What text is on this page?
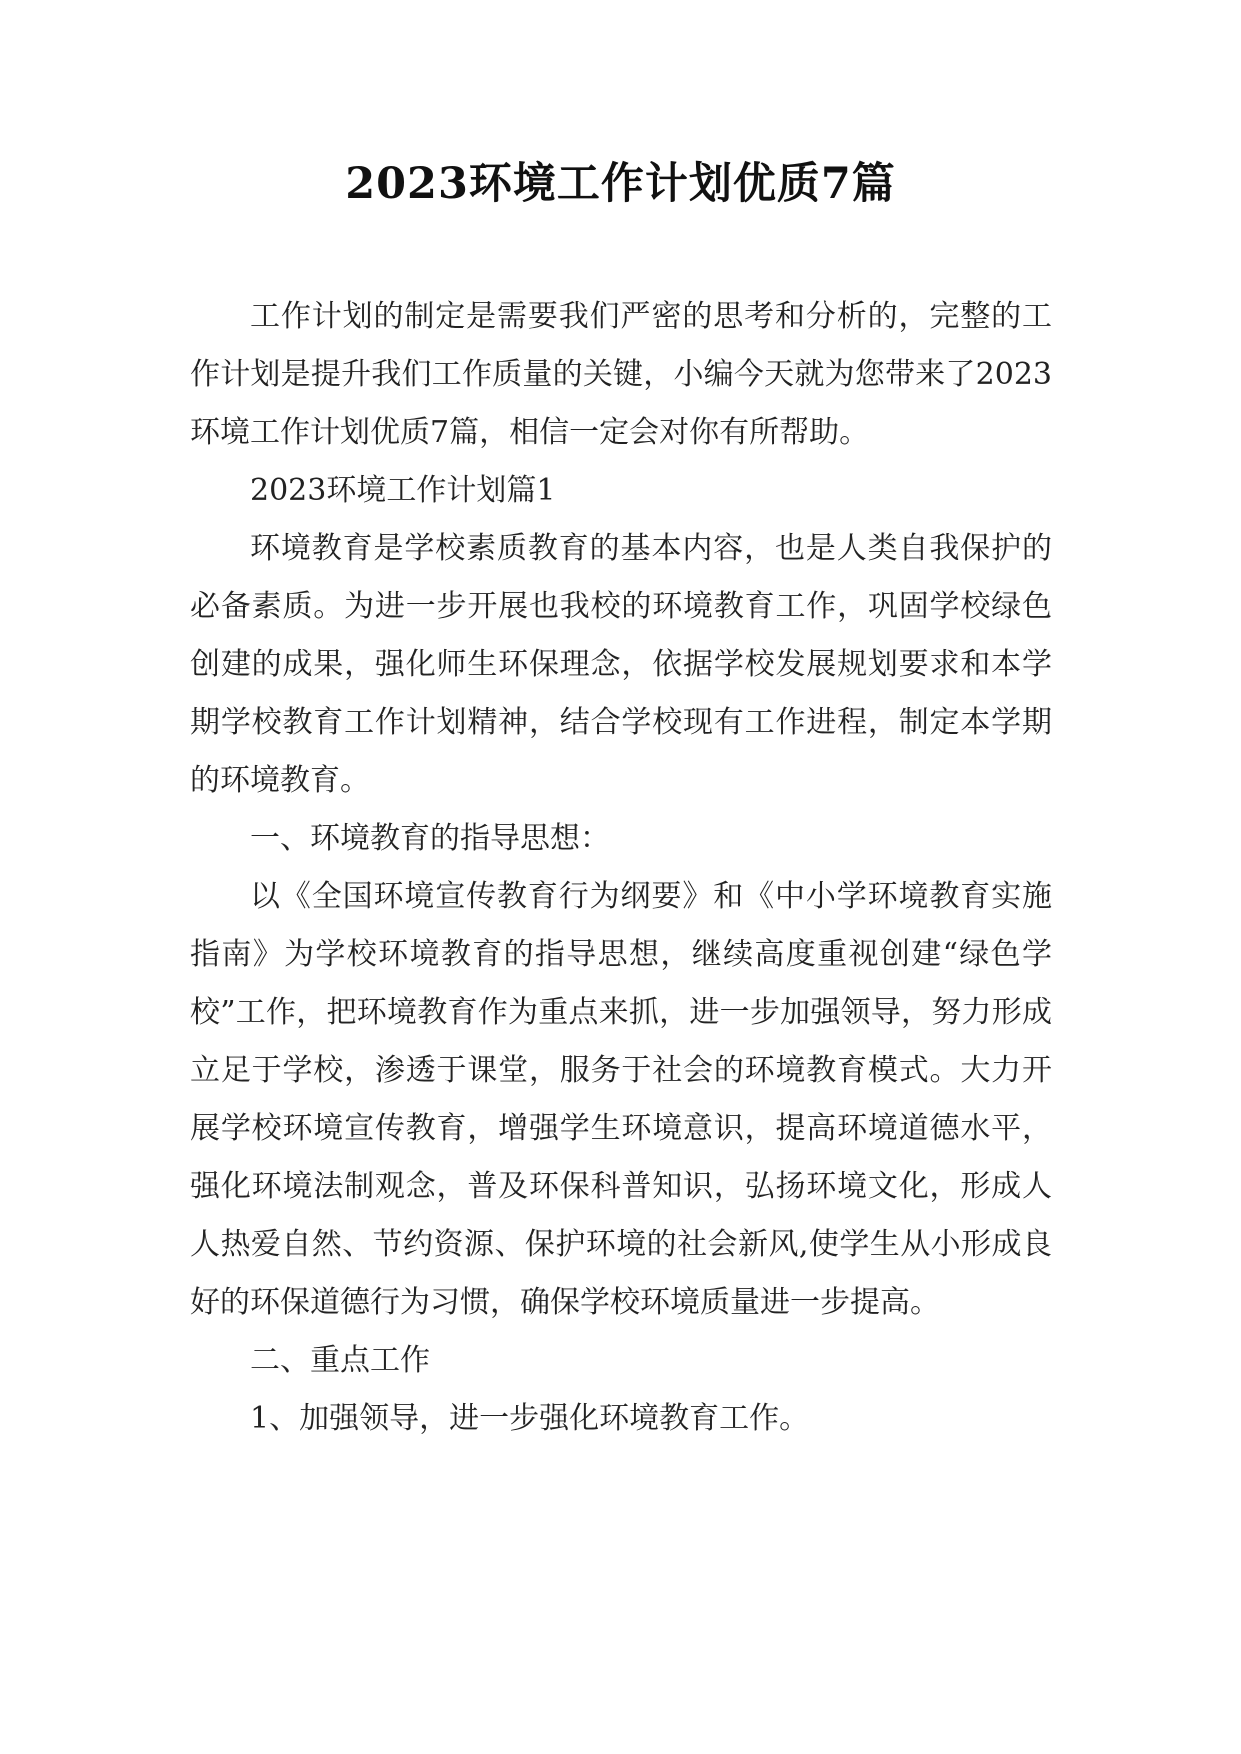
2023环境工作计划优质7篇

工作计划的制定是需要我们严密的思考和分析的，完整的工作计划是提升我们工作质量的关键，小编今天就为您带来了2023环境工作计划优质7篇，相信一定会对你有所帮助。

2023环境工作计划篇1

环境教育是学校素质教育的基本内容，也是人类自我保护的必备素质。为进一步开展也我校的环境教育工作，巩固学校绿色创建的成果，强化师生环保理念，依据学校发展规划要求和本学期学校教育工作计划精神，结合学校现有工作进程，制定本学期的环境教育。

一、环境教育的指导思想：

以《全国环境宣传教育行为纲要》和《中小学环境教育实施指南》为学校环境教育的指导思想，继续高度重视创建“绿色学校”工作，把环境教育作为重点来抓，进一步加强领导，努力形成立足于学校，渗透于课堂，服务于社会的环境教育模式。大力开展学校环境宣传教育，增强学生环境意识，提高环境道德水平，强化环境法制观念，普及环保科普知识，弘扬环境文化，形成人人热爱自然、节约资源、保护环境的社会新风,使学生从小形成良好的环保道德行为习惯，确保学校环境质量进一步提高。

二、重点工作

1、加强领导，进一步强化环境教育工作。
